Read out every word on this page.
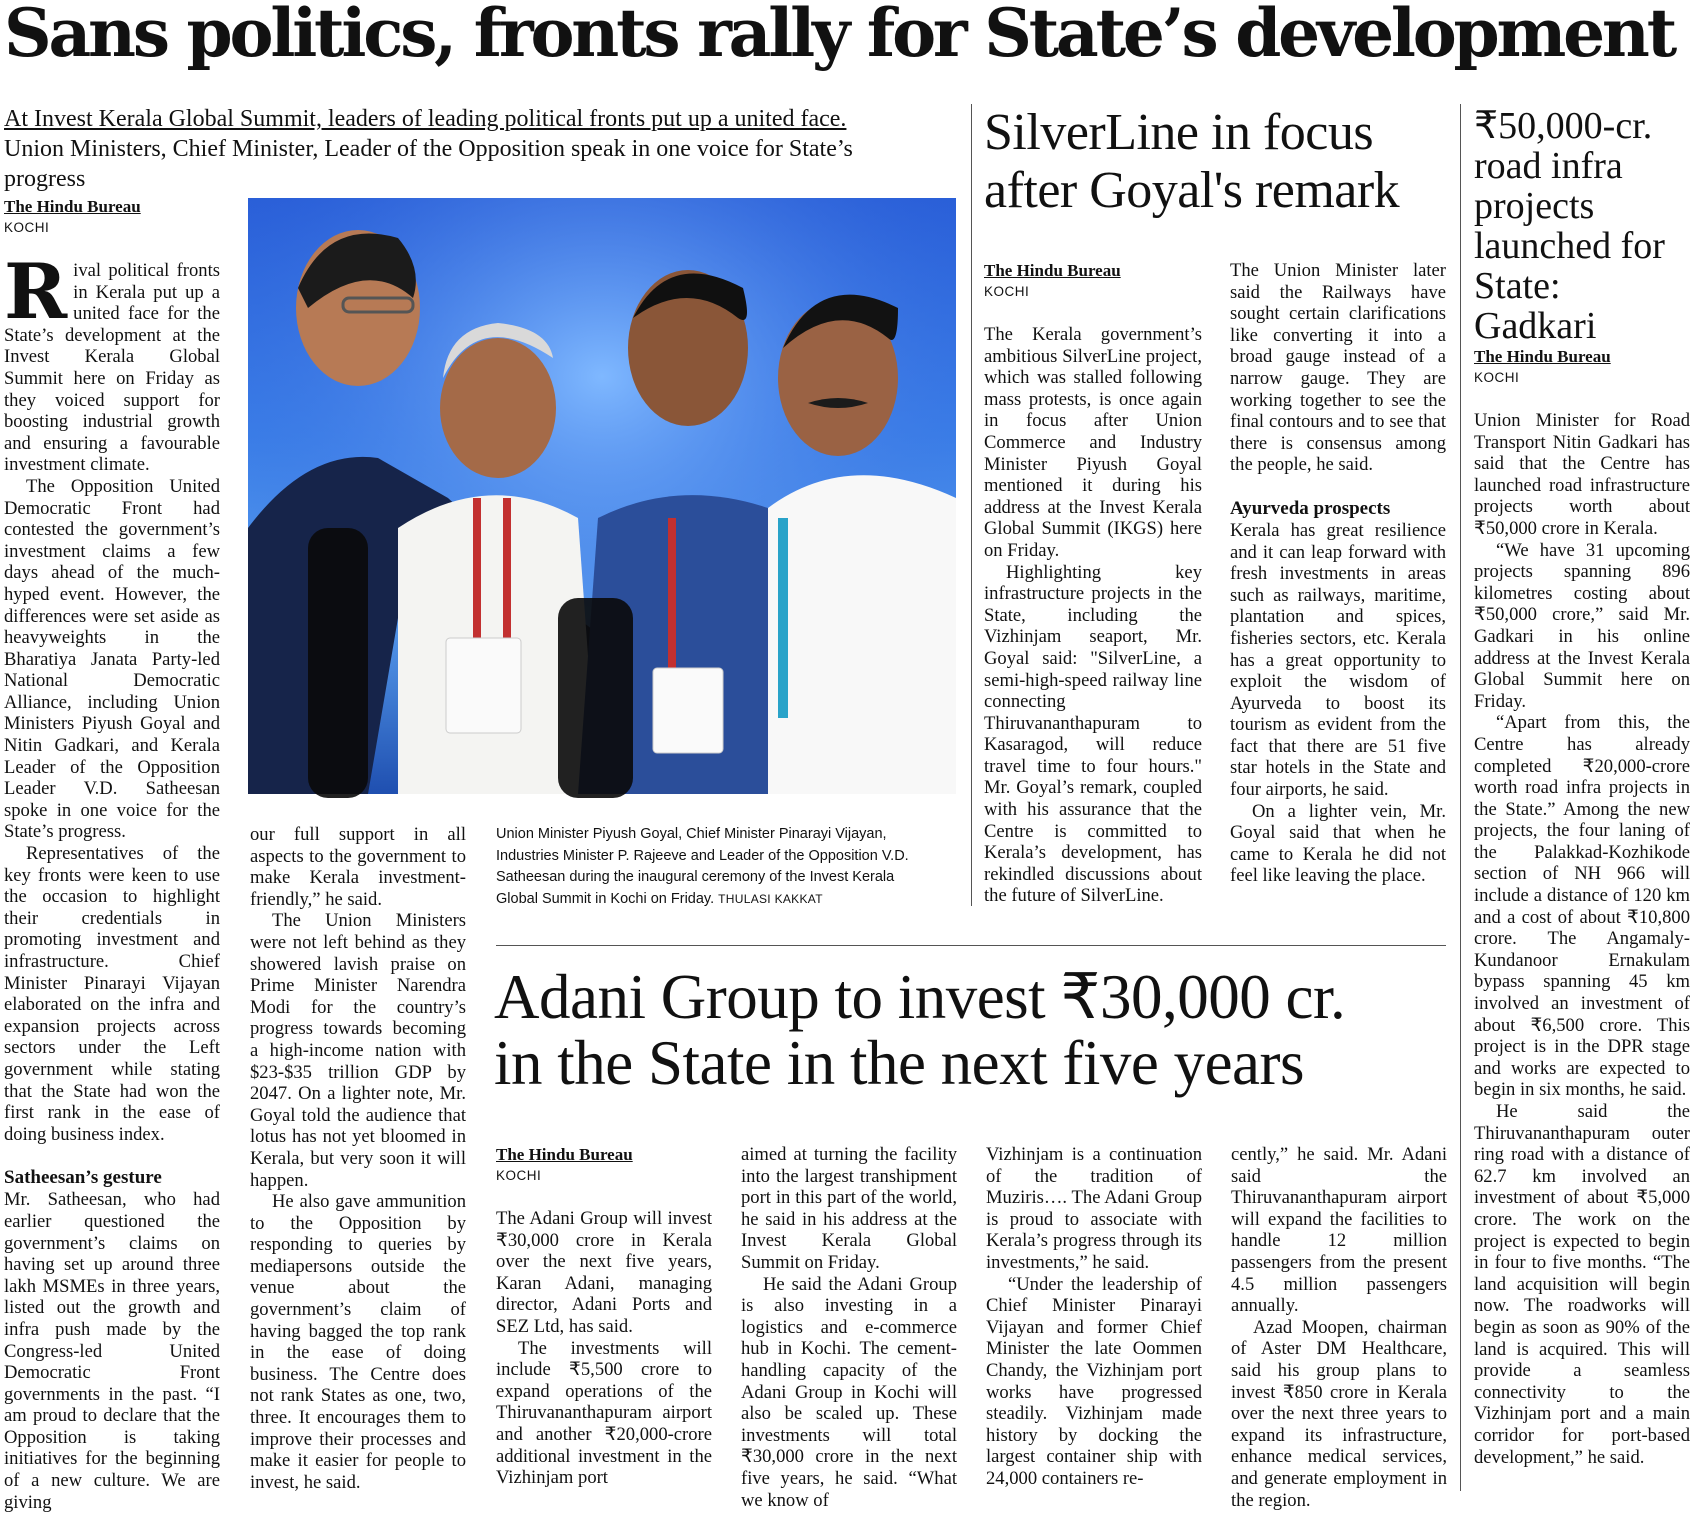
Sans politics, fronts rally for State’s development
At Invest Kerala Global Summit, leaders of leading political fronts put up a united face. Union Ministers, Chief Minister, Leader of the Opposition speak in one voice for State’s progress
The Hindu Bureau
KOCHI

Rival political fronts in Kerala put up a united face for the State’s development at the Invest Kerala Global Summit here on Friday as they voiced support for boosting industrial growth and ensuring a favourable investment climate.

The Opposition United Democratic Front had contested the government’s investment claims a few days ahead of the much-hyped event. However, the differences were set aside as heavyweights in the Bharatiya Janata Party-led National Democratic Alliance, including Union Ministers Piyush Goyal and Nitin Gadkari, and Kerala Leader of the Opposition Leader V.D. Satheesan spoke in one voice for the State’s progress.

Representatives of the key fronts were keen to use the occasion to highlight their credentials in promoting investment and infrastructure. Chief Minister Pinarayi Vijayan elaborated on the infra and expansion projects across sectors under the Left government while stating that the State had won the first rank in the ease of doing business index.

Satheesan’s gesture

Mr. Satheesan, who had earlier questioned the government’s claims on having set up around three lakh MSMEs in three years, listed out the growth and infra push made by the Congress-led United Democratic Front governments in the past. “I am proud to declare that the Opposition is taking initiatives for the beginning of a new culture. We are giving

our full support in all aspects to the government to make Kerala investment-friendly,” he said.

The Union Ministers were not left behind as they showered lavish praise on Prime Minister Narendra Modi for the country’s progress towards becoming a high-income nation with $23-$35 trillion GDP by 2047. On a lighter note, Mr. Goyal told the audience that lotus has not yet bloomed in Kerala, but very soon it will happen.

He also gave ammunition to the Opposition by responding to queries by mediapersons outside the venue about the government’s claim of having bagged the top rank in the ease of doing business. The Centre does not rank States as one, two, three. It encourages them to improve their processes and make it easier for people to invest, he said.

Union Minister Piyush Goyal, Chief Minister Pinarayi Vijayan, Industries Minister P. Rajeeve and Leader of the Opposition V.D. Satheesan during the inaugural ceremony of the Invest Kerala Global Summit in Kochi on Friday. THULASI KAKKAT
SilverLine in focus after Goyal's remark
The Hindu Bureau
KOCHI

The Kerala government’s ambitious SilverLine project, which was stalled following mass protests, is once again in focus after Union Commerce and Industry Minister Piyush Goyal mentioned it during his address at the Invest Kerala Global Summit (IKGS) here on Friday.

Highlighting key infrastructure projects in the State, including the Vizhinjam seaport, Mr. Goyal said: "SilverLine, a semi-high-speed railway line connecting Thiruvananthapuram to Kasaragod, will reduce travel time to four hours." Mr. Goyal’s remark, coupled with his assurance that the Centre is committed to Kerala’s development, has rekindled discussions about the future of SilverLine.

The Union Minister later said the Railways have sought certain clarifications like converting it into a broad gauge instead of a narrow gauge. They are working together to see the final contours and to see that there is consensus among the people, he said.

Ayurveda prospects

Kerala has great resilience and it can leap forward with fresh investments in areas such as railways, maritime, plantation and spices, fisheries sectors, etc. Kerala has a great opportunity to exploit the wisdom of Ayurveda to boost its tourism as evident from the fact that there are 51 five star hotels in the State and four airports, he said.

On a lighter vein, Mr. Goyal said that when he came to Kerala he did not feel like leaving the place.

₹50,000-cr. road infra projects launched for State: Gadkari
The Hindu Bureau
KOCHI

Union Minister for Road Transport Nitin Gadkari has said that the Centre has launched road infrastructure projects worth about ₹50,000 crore in Kerala.

“We have 31 upcoming projects spanning 896 kilometres costing about ₹50,000 crore,” said Mr. Gadkari in his online address at the Invest Kerala Global Summit here on Friday.

“Apart from this, the Centre has already completed ₹20,000-crore worth road infra projects in the State.” Among the new projects, the four laning of the Palakkad-Kozhikode section of NH 966 will include a distance of 120 km and a cost of about ₹10,800 crore. The Angamaly-Kundanoor Ernakulam bypass spanning 45 km involved an investment of about ₹6,500 crore. This project is in the DPR stage and works are expected to begin in six months, he said.

He said the Thiruvananthapuram outer ring road with a distance of 62.7 km involved an investment of about ₹5,000 crore. The work on the project is expected to begin in four to five months. “The land acquisition will begin now. The roadworks will begin as soon as 90% of the land is acquired. This will provide a seamless connectivity to the Vizhinjam port and a main corridor for port-based development,” he said.

Adani Group to invest ₹30,000 cr.
in the State in the next five years
The Hindu Bureau
KOCHI

The Adani Group will invest ₹30,000 crore in Kerala over the next five years, Karan Adani, managing director, Adani Ports and SEZ Ltd, has said.

The investments will include ₹5,500 crore to expand operations of the Thiruvananthapuram airport and another ₹20,000-crore additional investment in the Vizhinjam port

aimed at turning the facility into the largest transhipment port in this part of the world, he said in his address at the Invest Kerala Global Summit on Friday.

He said the Adani Group is also investing in a logistics and e-commerce hub in Kochi. The cement-handling capacity of the Adani Group in Kochi will also be scaled up. These investments will total ₹30,000 crore in the next five years, he said. “What we know of

Vizhinjam is a continuation of the tradition of Muziris…. The Adani Group is proud to associate with Kerala’s progress through its investments,” he said.

“Under the leadership of Chief Minister Pinarayi Vijayan and former Chief Minister the late Oommen Chandy, the Vizhinjam port works have progressed steadily. Vizhinjam made history by docking the largest container ship with 24,000 containers re-

cently,” he said. Mr. Adani said the Thiruvananthapuram airport will expand the facilities to handle 12 million passengers from the present 4.5 million passengers annually.

Azad Moopen, chairman of Aster DM Healthcare, said his group plans to invest ₹850 crore in Kerala over the next three years to expand its infrastructure, enhance medical services, and generate employment in the region.
